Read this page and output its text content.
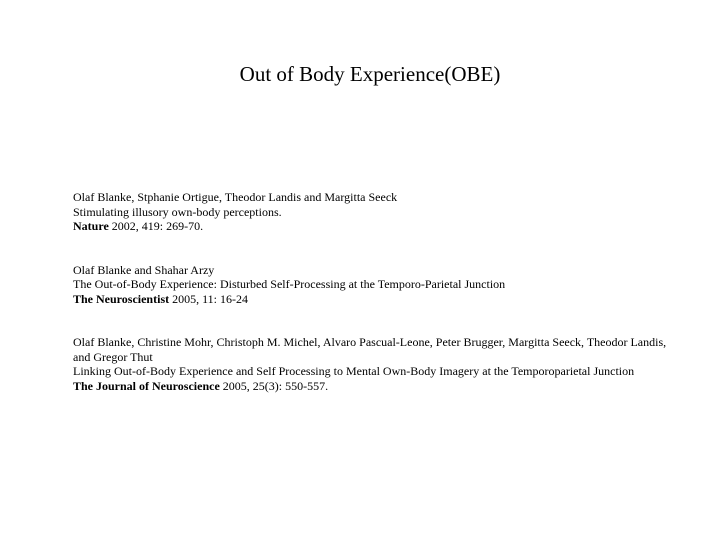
Out of Body Experience(OBE)
Olaf Blanke, Stphanie Ortigue, Theodor Landis and Margitta Seeck
Stimulating illusory own-body perceptions.
Nature 2002, 419: 269-70.
Olaf Blanke and Shahar Arzy
The Out-of-Body Experience: Disturbed Self-Processing at the Temporo-Parietal Junction
The Neuroscientist 2005, 11: 16-24
Olaf Blanke, Christine Mohr, Christoph M. Michel, Alvaro Pascual-Leone, Peter Brugger, Margitta Seeck, Theodor Landis, and Gregor Thut
Linking Out-of-Body Experience and Self Processing to Mental Own-Body Imagery at the Temporoparietal Junction
The Journal of Neuroscience 2005, 25(3): 550-557.
